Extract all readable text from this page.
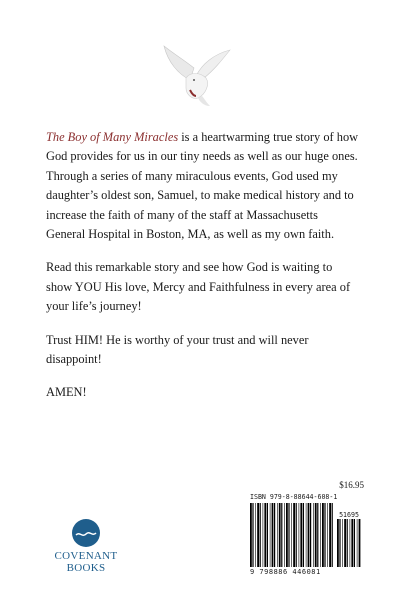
The Boy of Many Miracles is a heartwarming true story of how God provides for us in our tiny needs as well as our huge ones. Through a series of many miraculous events, God used my daughter’s oldest son, Samuel, to make medical history and to increase the faith of many of the staff at Massachusetts General Hospital in Boston, MA, as well as my own faith.

Read this remarkable story and see how God is waiting to show YOU His love, Mercy and Faithfulness in every area of your life’s journey!

Trust HIM! He is worthy of your trust and will never disappoint!

AMEN!

COVENANT BOOKS
$16.95
ISBN 979-8-88644-608-1
51695
9 798886 446081
